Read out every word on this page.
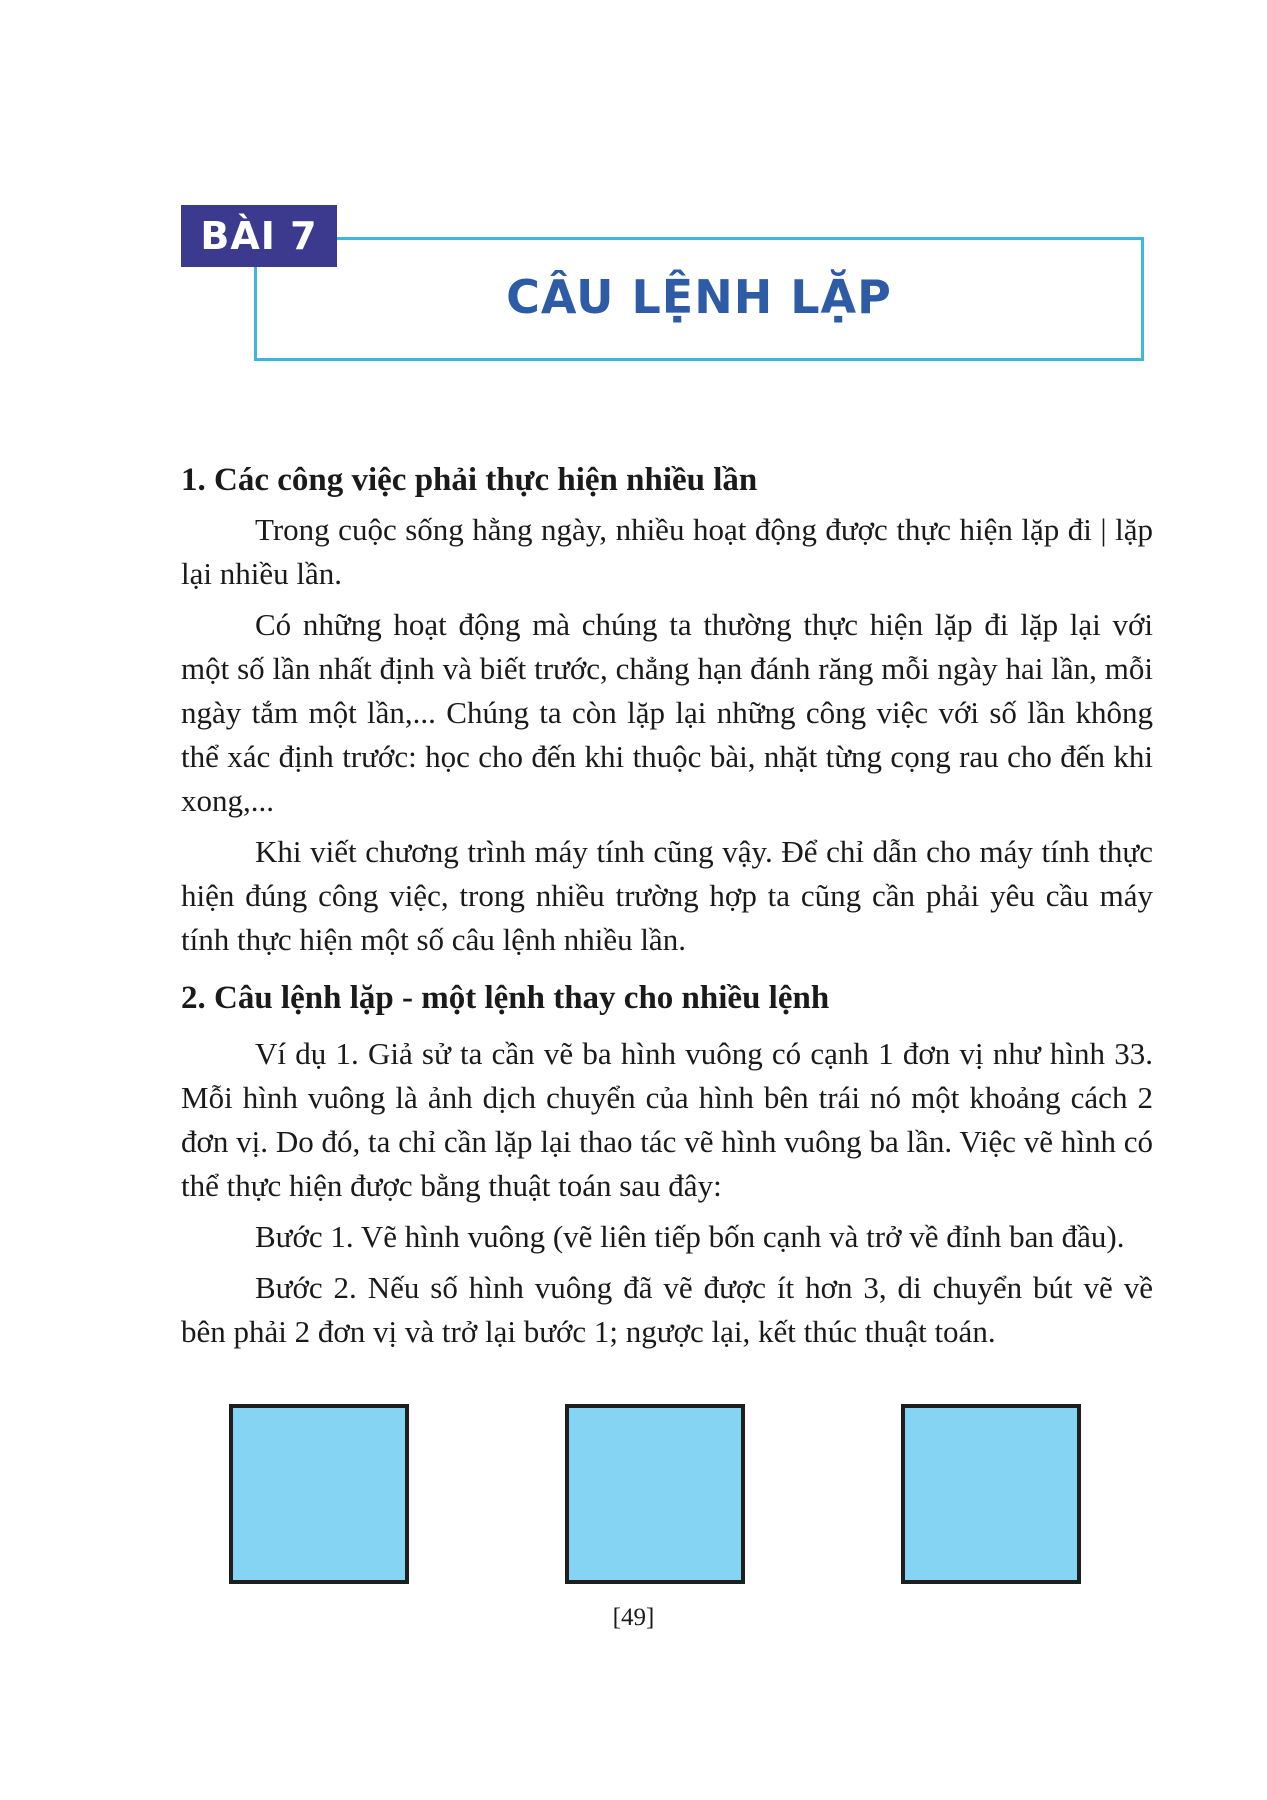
CÂU LỆNH LẶP
BÀI 7
1. Các công việc phải thực hiện nhiều lần

Trong cuộc sống hằng ngày, nhiều hoạt động được thực hiện lặp đi | lặp lại nhiều lần.

Có những hoạt động mà chúng ta thường thực hiện lặp đi lặp lại với một số lần nhất định và biết trước, chẳng hạn đánh răng mỗi ngày hai lần, mỗi ngày tắm một lần,... Chúng ta còn lặp lại những công việc với số lần không thể xác định trước: học cho đến khi thuộc bài, nhặt từng cọng rau cho đến khi xong,...

Khi viết chương trình máy tính cũng vậy. Để chỉ dẫn cho máy tính thực hiện đúng công việc, trong nhiều trường hợp ta cũng cần phải yêu cầu máy tính thực hiện một số câu lệnh nhiều lần.

2. Câu lệnh lặp - một lệnh thay cho nhiều lệnh

Ví dụ 1. Giả sử ta cần vẽ ba hình vuông có cạnh 1 đơn vị như hình 33. Mỗi hình vuông là ảnh dịch chuyển của hình bên trái nó một khoảng cách 2 đơn vị. Do đó, ta chỉ cần lặp lại thao tác vẽ hình vuông ba lần. Việc vẽ hình có thể thực hiện được bằng thuật toán sau đây:

Bước 1. Vẽ hình vuông (vẽ liên tiếp bốn cạnh và trở về đỉnh ban đầu).

Bước 2. Nếu số hình vuông đã vẽ được ít hơn 3, di chuyển bút vẽ về bên phải 2 đơn vị và trở lại bước 1; ngược lại, kết thúc thuật toán.

[49]
